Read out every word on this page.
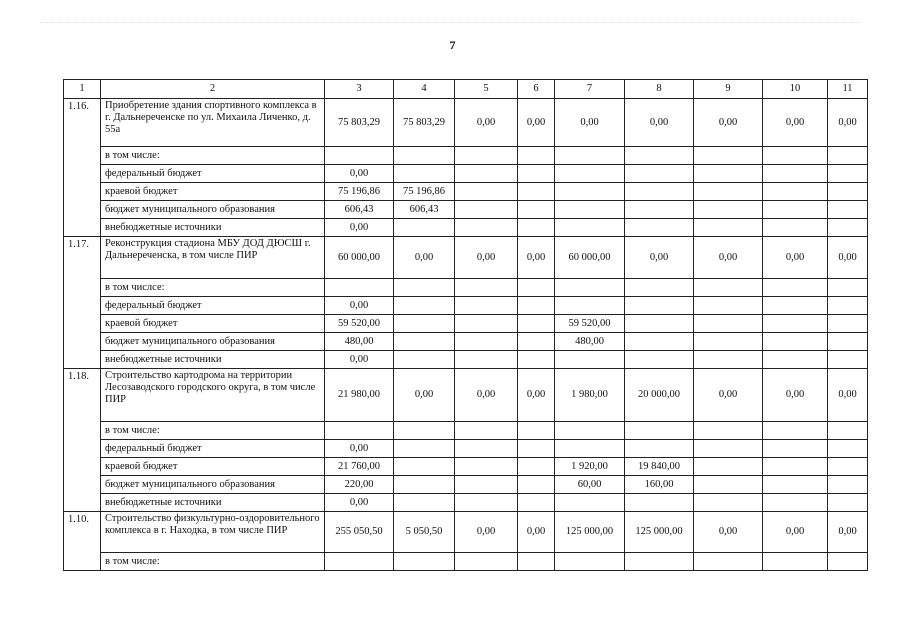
7
1	2	3	4	5	6	7	8	9	10	11
1.16.	Приобретение здания спортивного комплекса в г. Дальнереченске по ул. Михаила Личенко, д. 55а	75 803,29	75 803,29	0,00	0,00	0,00	0,00	0,00	0,00	0,00
	в том числе:									
	федеральный бюджет	0,00								
	краевой бюджет	75 196,86	75 196,86							
	бюджет муниципального образования	606,43	606,43							
	внебюджетные источники	0,00								
1.17.	Реконструкция стадиона МБУ ДОД ДЮСШ г. Дальнереченска, в том числе ПИР	60 000,00	0,00	0,00	0,00	60 000,00	0,00	0,00	0,00	0,00
	в том числсе:									
	федеральный бюджет	0,00								
	краевой бюджет	59 520,00				59 520,00				
	бюджет муниципального образования	480,00				480,00				
	внебюджетные источники	0,00								
1.18.	Строительство картодрома на территории Лесозаводского городского округа, в том числе ПИР	21 980,00	0,00	0,00	0,00	1 980,00	20 000,00	0,00	0,00	0,00
	в том числе:									
	федеральный бюджет	0,00								
	краевой бюджет	21 760,00				1 920,00	19 840,00			
	бюджет муниципального образования	220,00				60,00	160,00			
	внебюджетные источники	0,00								
1.10.	Строительство физкультурно-оздоровительного комплекса в г. Находка, в том числе ПИР	255 050,50	5 050,50	0,00	0,00	125 000,00	125 000,00	0,00	0,00	0,00
	в том числе:									
